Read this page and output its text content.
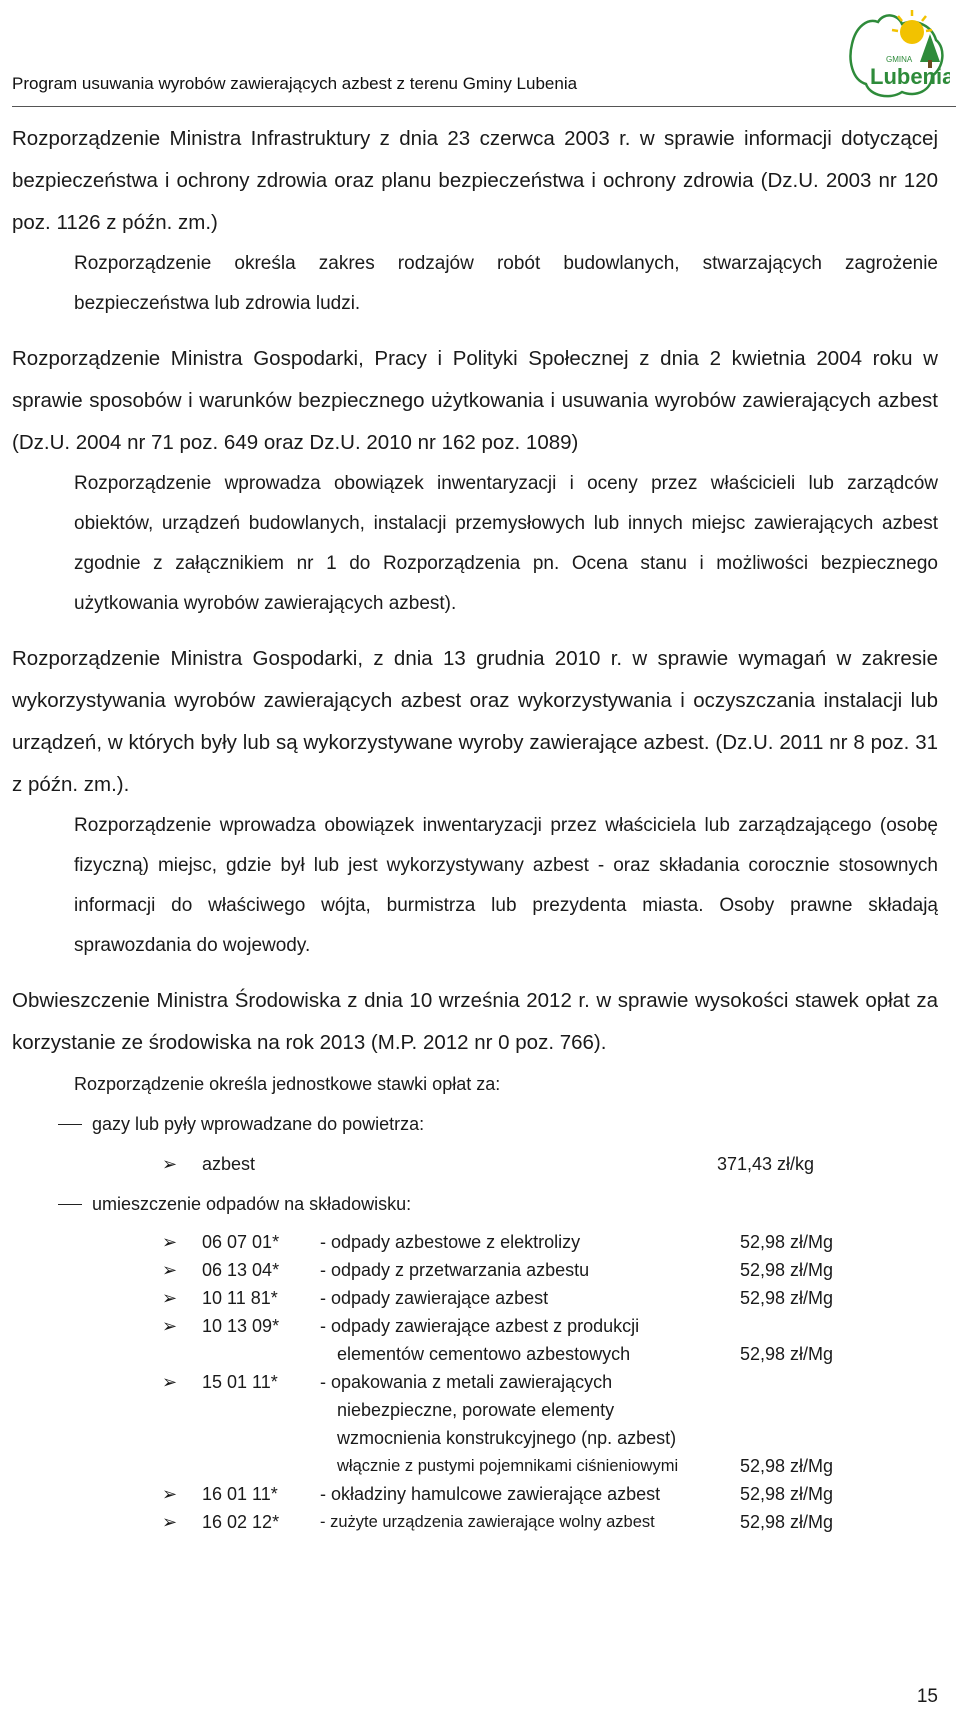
Program usuwania wyrobów zawierających azbest z terenu Gminy Lubenia
GMINA
Lubenia

Rozporządzenie Ministra Infrastruktury z dnia 23 czerwca 2003 r. w sprawie informacji dotyczącej bezpieczeństwa i ochrony zdrowia oraz planu bezpieczeństwa i ochrony zdrowia (Dz.U. 2003 nr 120 poz. 1126 z późn. zm.)

Rozporządzenie określa zakres rodzajów robót budowlanych, stwarzających zagrożenie bezpieczeństwa lub zdrowia ludzi.

Rozporządzenie Ministra Gospodarki, Pracy i Polityki Społecznej z dnia 2 kwietnia 2004 roku w sprawie sposobów i warunków bezpiecznego użytkowania i usuwania wyrobów zawierających azbest (Dz.U. 2004 nr 71 poz. 649 oraz Dz.U. 2010 nr 162 poz. 1089)

Rozporządzenie wprowadza obowiązek inwentaryzacji i oceny przez właścicieli lub zarządców obiektów, urządzeń budowlanych, instalacji przemysłowych lub innych miejsc zawierających azbest zgodnie z załącznikiem nr 1 do Rozporządzenia pn. Ocena stanu i możliwości bezpiecznego użytkowania wyrobów zawierających azbest).

Rozporządzenie Ministra Gospodarki, z dnia 13 grudnia 2010 r. w sprawie wymagań w zakresie wykorzystywania wyrobów zawierających azbest oraz wykorzystywania i oczyszczania instalacji lub urządzeń, w których były lub są wykorzystywane wyroby zawierające azbest. (Dz.U. 2011 nr 8 poz. 31 z późn. zm.).

Rozporządzenie wprowadza obowiązek inwentaryzacji przez właściciela lub zarządzającego (osobę fizyczną) miejsc, gdzie był lub jest wykorzystywany azbest - oraz składania corocznie stosownych informacji do właściwego wójta, burmistrza lub prezydenta miasta. Osoby prawne składają sprawozdania do wojewody.

Obwieszczenie Ministra Środowiska z dnia 10 września 2012 r. w sprawie wysokości stawek opłat za korzystanie ze środowiska na rok 2013 (M.P. 2012 nr 0 poz. 766).

Rozporządzenie określa jednostkowe stawki opłat za:

gazy lub pyły wprowadzane do powietrza:
➢	azbest	371,43 zł/kg
umieszczenie odpadów na składowisku:
➢	06 07 01*	- odpady azbestowe z elektrolizy	52,98 zł/Mg
➢	06 13 04*	- odpady z przetwarzania azbestu	52,98 zł/Mg
➢	10 11 81*	- odpady zawierające azbest	52,98 zł/Mg
➢	10 13 09*	- odpady zawierające azbest z produkcji
elementów cementowo azbestowych	52,98 zł/Mg
➢	15 01 11*	- opakowania z metali zawierających
niebezpieczne, porowate elementy
wzmocnienia konstrukcyjnego (np. azbest)
włącznie z pustymi pojemnikami ciśnieniowymi	52,98 zł/Mg
➢	16 01 11*	- okładziny hamulcowe zawierające azbest	52,98 zł/Mg
➢	16 02 12*	- zużyte urządzenia zawierające wolny azbest	52,98 zł/Mg
15
